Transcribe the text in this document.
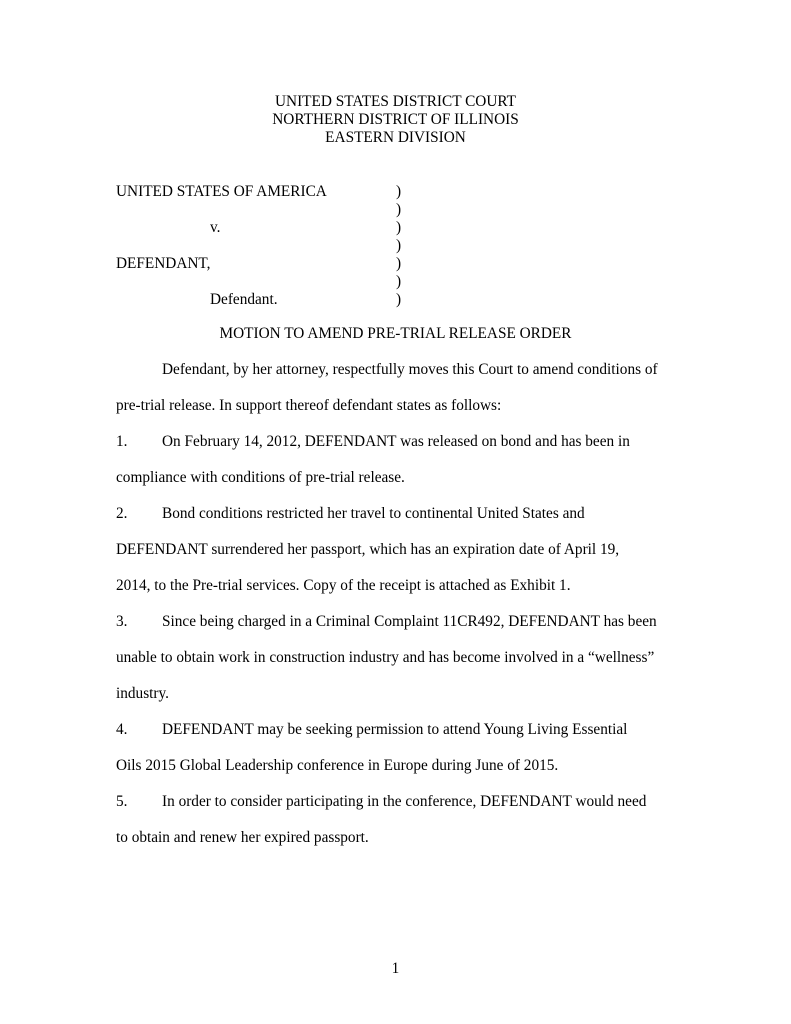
UNITED STATES DISTRICT COURT
NORTHERN DISTRICT OF ILLINOIS
EASTERN DIVISION
UNITED STATES OF AMERICA
v.
DEFENDANT,
Defendant.
)
)
)
)
)
)
)
MOTION TO AMEND PRE-TRIAL RELEASE ORDER
Defendant, by her attorney, respectfully moves this Court to amend conditions of
pre-trial release. In support thereof defendant states as follows:
1. On February 14, 2012, DEFENDANT was released on bond and has been in
compliance with conditions of pre-trial release.
2. Bond conditions restricted her travel to continental United States and
DEFENDANT surrendered her passport, which has an expiration date of April 19,
2014, to the Pre-trial services. Copy of the receipt is attached as Exhibit 1.
3. Since being charged in a Criminal Complaint 11CR492, DEFENDANT has been
unable to obtain work in construction industry and has become involved in a “wellness”
industry.
4. DEFENDANT may be seeking permission to attend Young Living Essential
Oils 2015 Global Leadership conference in Europe during June of 2015.
5. In order to consider participating in the conference, DEFENDANT would need
to obtain and renew her expired passport.
1
